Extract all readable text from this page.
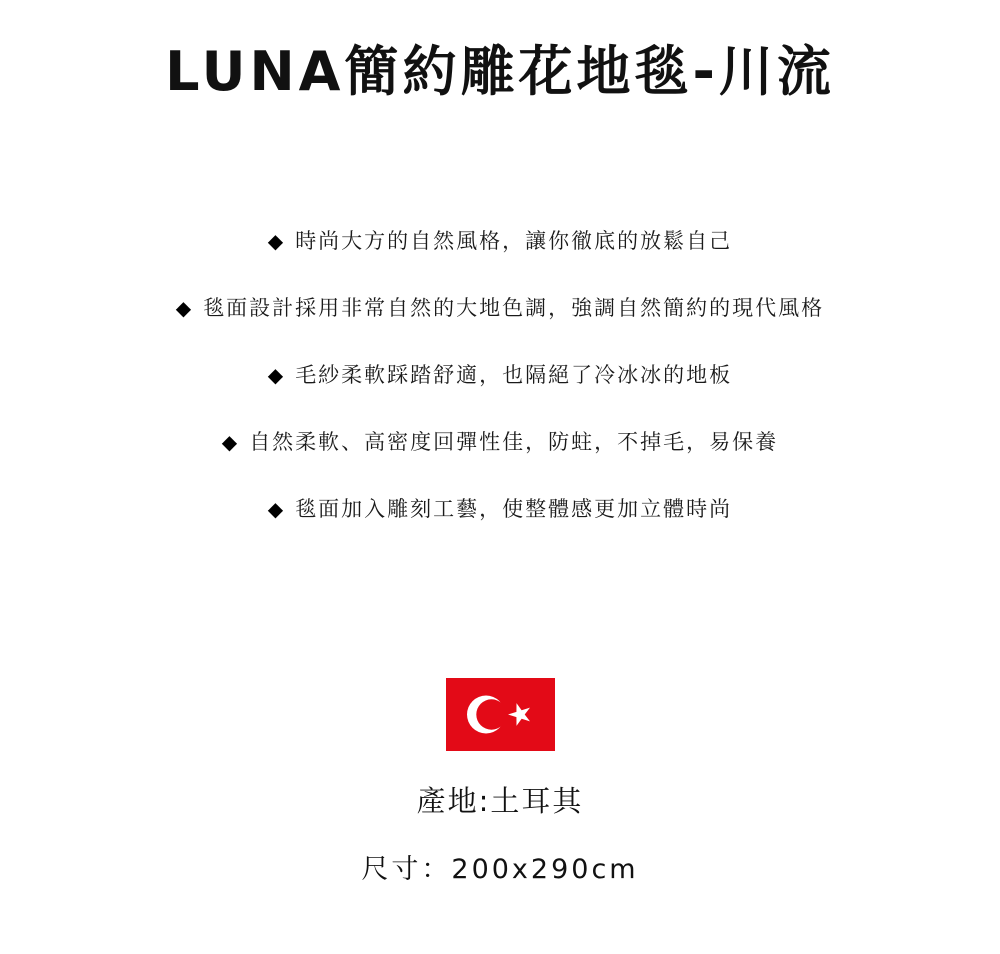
LUNA簡約雕花地毯-川流
◆ 時尚大方的自然風格，讓你徹底的放鬆自己
◆ 毯面設計採用非常自然的大地色調，強調自然簡約的現代風格
◆ 毛紗柔軟踩踏舒適，也隔絕了冷冰冰的地板
◆ 自然柔軟、高密度回彈性佳，防蛀，不掉毛，易保養
◆ 毯面加入雕刻工藝，使整體感更加立體時尚
產地:土耳其
尺寸：200x290cm
